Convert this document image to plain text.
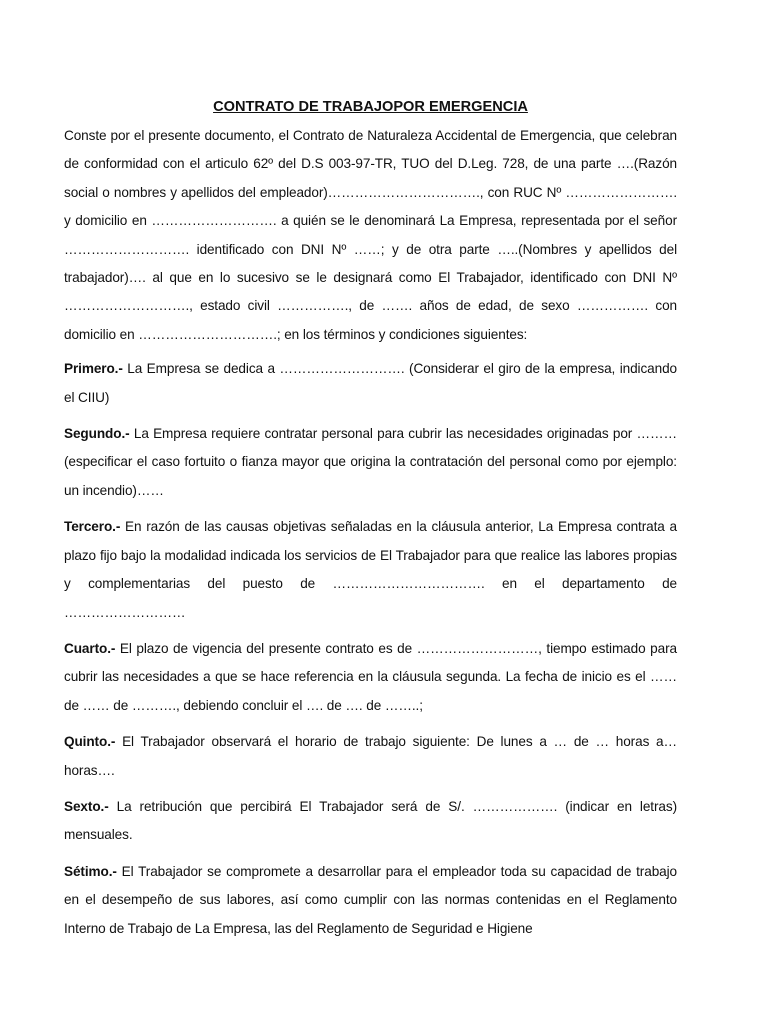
CONTRATO DE TRABAJOPOR EMERGENCIA

Conste por el presente documento, el Contrato de Naturaleza Accidental de Emergencia, que celebran de conformidad con el articulo 62º del D.S 003-97-TR, TUO del D.Leg. 728, de una parte ….(Razón social o nombres y apellidos del empleador)……………………………., con RUC Nº ……………………. y domicilio en ………………………. a quién se le denominará La Empresa, representada por el señor ………………………. identificado con DNI Nº ……; y de otra parte …..(Nombres y apellidos del trabajador)…. al que en lo sucesivo se le designará como El Trabajador, identificado con DNI Nº ………………………., estado civil ……………., de ……. años de edad, de sexo ……………. con domicilio en ………………………….; en los términos y condiciones siguientes:

Primero.- La Empresa se dedica a ………………………. (Considerar el giro de la empresa, indicando el CIIU)

Segundo.- La Empresa requiere contratar personal para cubrir las necesidades originadas por ……… (especificar el caso fortuito o fianza mayor que origina la contratación del personal como por ejemplo: un incendio)……

Tercero.- En razón de las causas objetivas señaladas en la cláusula anterior, La Empresa contrata a plazo fijo bajo la modalidad indicada los servicios de El Trabajador para que realice las labores propias y complementarias del puesto de ……………………………. en el departamento de ………………………

Cuarto.- El plazo de vigencia del presente contrato es de ………………………, tiempo estimado para cubrir las necesidades a que se hace referencia en la cláusula segunda. La fecha de inicio es el …… de …… de ………., debiendo concluir el …. de …. de ……..;

Quinto.- El Trabajador observará el horario de trabajo siguiente: De lunes a … de … horas a… horas….

Sexto.- La retribución que percibirá El Trabajador será de S/. ………………. (indicar en letras) mensuales.

Sétimo.- El Trabajador se compromete a desarrollar para el empleador toda su capacidad de trabajo en el desempeño de sus labores, así como cumplir con las normas contenidas en el Reglamento Interno de Trabajo de La Empresa, las del Reglamento de Seguridad e Higiene
